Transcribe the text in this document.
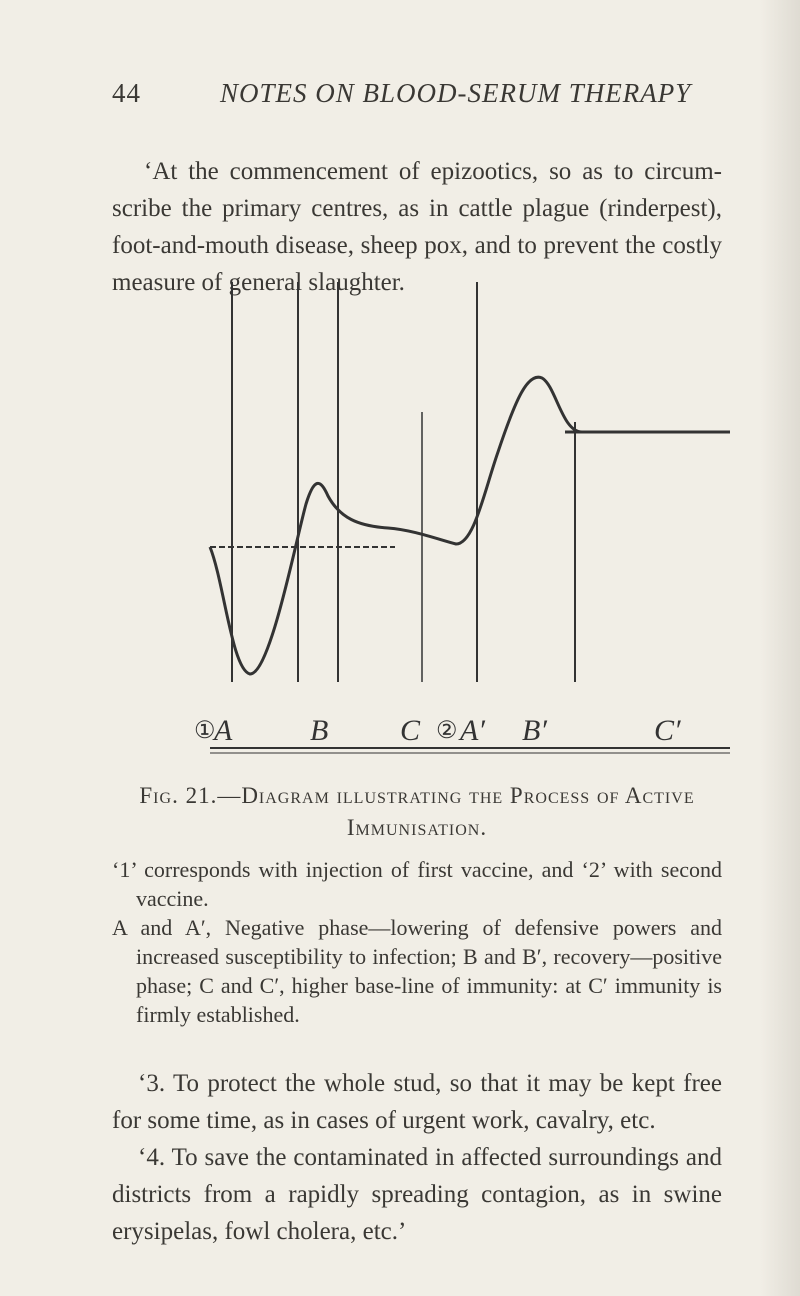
44	NOTES ON BLOOD-SERUM THERAPY

‘At the commencement of epizootics, so as to circum-scribe the primary centres, as in cattle plague (rinderpest), foot-and-mouth disease, sheep pox, and to prevent the costly measure of general slaughter.

①
A	B C ② A′ B′	C′
Fig. 21.—Diagram illustrating the Process of Active Immunisation.

‘1’ corresponds with injection of first vaccine, and ‘2’ with second vaccine.

A and A′, Negative phase—lowering of defensive powers and increased susceptibility to infection; B and B′, recovery—positive phase; C and C′, higher base-line of immunity: at C′ immunity is firmly established.

‘3. To protect the whole stud, so that it may be kept free for some time, as in cases of urgent work, cavalry, etc.

‘4. To save the contaminated in affected surroundings and districts from a rapidly spreading contagion, as in swine erysipelas, fowl cholera, etc.’
